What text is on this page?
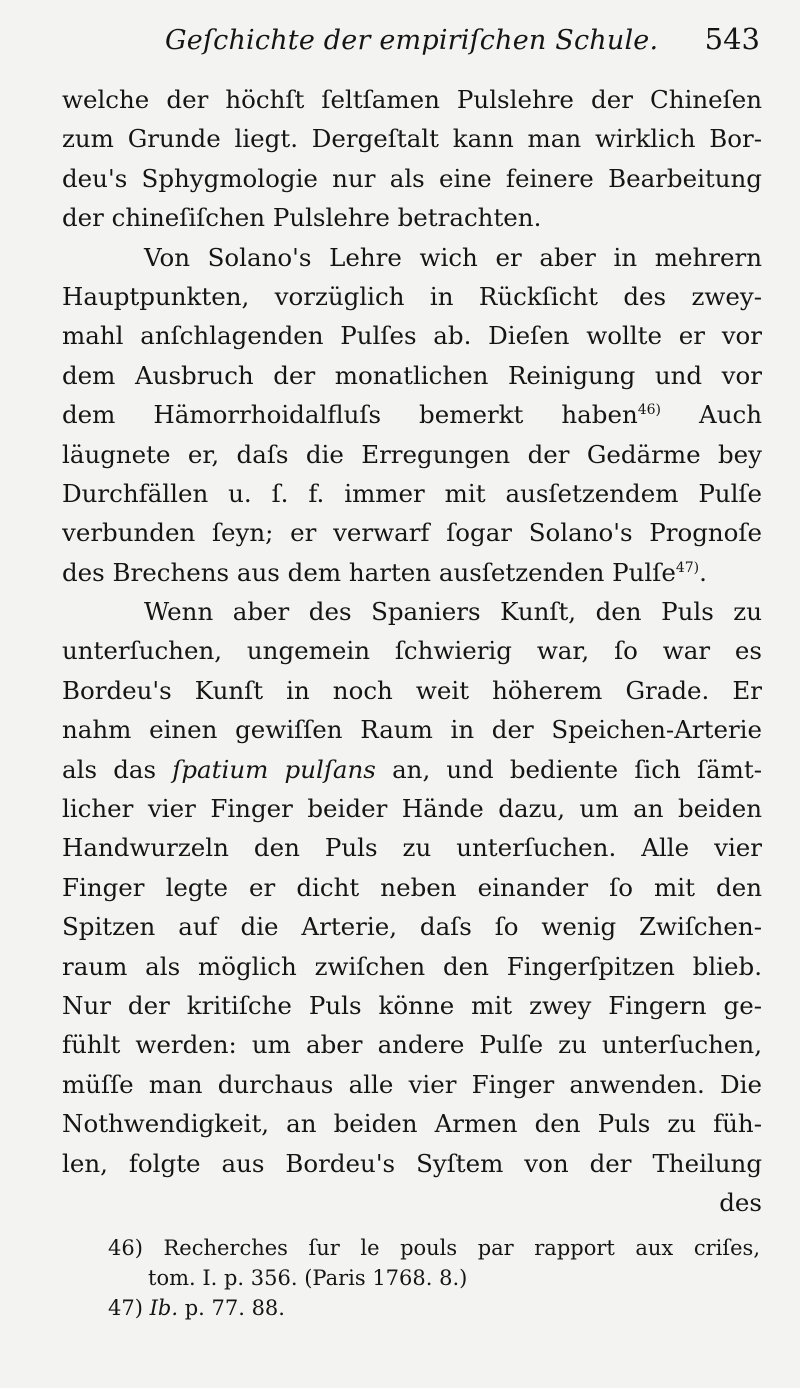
Geſchichte der empiriſchen Schule. 543
welche der höchſt ſeltſamen Pulslehre der Chineſen
zum Grunde liegt. Dergeſtalt kann man wirklich Bor-
deu's Sphygmologie nur als eine feinere Bearbeitung
der chineſiſchen Pulslehre betrachten.
Von Solano's Lehre wich er aber in mehrern
Hauptpunkten, vorzüglich in Rückſicht des zwey-
mahl anſchlagenden Pulſes ab. Dieſen wollte er vor
dem Ausbruch der monatlichen Reinigung und vor
dem Hämorrhoidalfluſs bemerkt haben$^{46)}$ Auch
läugnete er, daſs die Erregungen der Gedärme bey
Durchfällen u. ſ. f. immer mit ausſetzendem Pulſe
verbunden ſeyn; er verwarf ſogar Solano's Prognoſe
des Brechens aus dem harten ausſetzenden Pulſe$^{47)}$.
Wenn aber des Spaniers Kunſt, den Puls zu
unterſuchen, ungemein ſchwierig war, ſo war es
Bordeu's Kunſt in noch weit höherem Grade. Er
nahm einen gewiſſen Raum in der Speichen-Arterie
als das ſpatium pulſans an, und bediente ſich ſämt-
licher vier Finger beider Hände dazu, um an beiden
Handwurzeln den Puls zu unterſuchen. Alle vier
Finger legte er dicht neben einander ſo mit den
Spitzen auf die Arterie, daſs ſo wenig Zwiſchen-
raum als möglich zwiſchen den Fingerſpitzen blieb.
Nur der kritiſche Puls könne mit zwey Fingern ge-
fühlt werden: um aber andere Pulſe zu unterſuchen,
müſſe man durchaus alle vier Finger anwenden. Die
Nothwendigkeit, an beiden Armen den Puls zu füh-
len, folgte aus Bordeu's Syſtem von der Theilung
des
46) Recherches ſur le pouls par rapport aux criſes,
tom. I. p. 356. (Paris 1768. 8.)
47) Ib. p. 77. 88.
